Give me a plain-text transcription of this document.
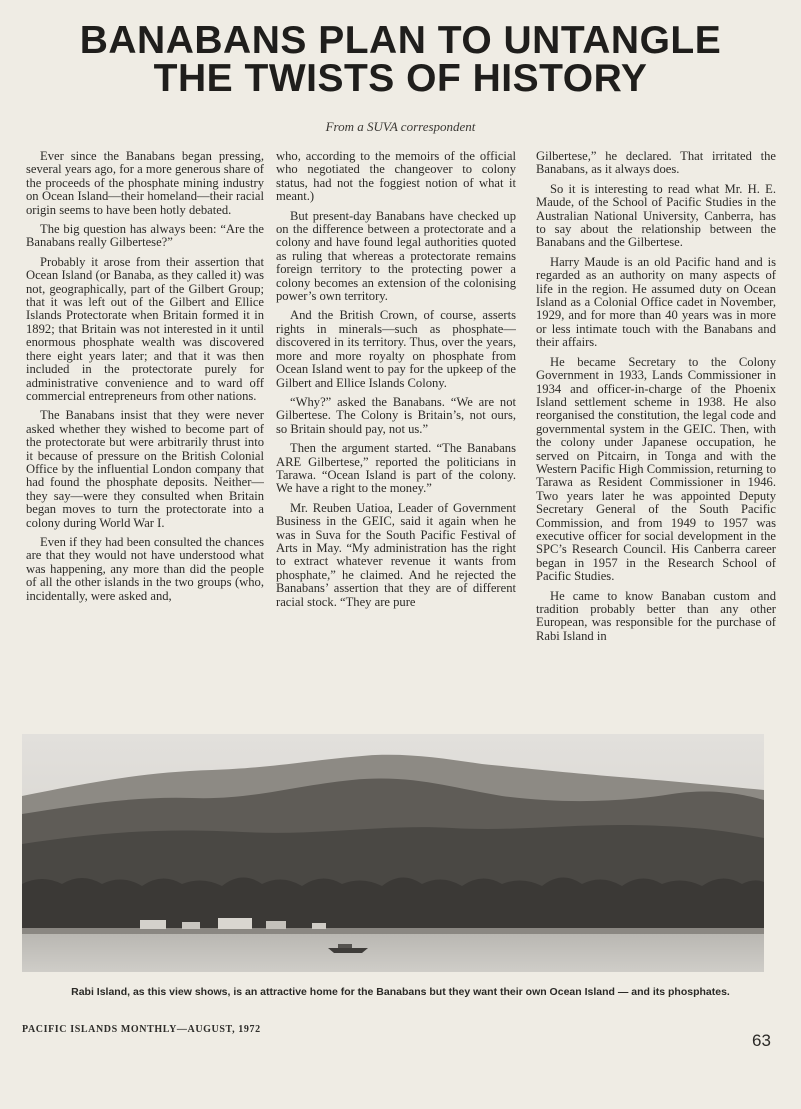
BANABANS PLAN TO UNTANGLE THE TWISTS OF HISTORY
From a SUVA correspondent

Ever since the Banabans began pressing, several years ago, for a more generous share of the proceeds of the phosphate mining industry on Ocean Island—their homeland—their racial origin seems to have been hotly debated.

The big question has always been: “Are the Banabans really Gilbertese?”

Probably it arose from their assertion that Ocean Island (or Banaba, as they called it) was not, geographically, part of the Gilbert Group; that it was left out of the Gilbert and Ellice Islands Protectorate when Britain formed it in 1892; that Britain was not interested in it until enormous phosphate wealth was discovered there eight years later; and that it was then included in the protectorate purely for administrative convenience and to ward off commercial entrepreneurs from other nations.

The Banabans insist that they were never asked whether they wished to become part of the protectorate but were arbitrarily thrust into it because of pressure on the British Colonial Office by the influential London company that had found the phosphate deposits. Neither—they say—were they consulted when Britain began moves to turn the protectorate into a colony during World War I.

Even if they had been consulted the chances are that they would not have understood what was happening, any more than did the people of all the other islands in the two groups (who, incidentally, were asked and,

who, according to the memoirs of the official who negotiated the changeover to colony status, had not the foggiest notion of what it meant.)

But present-day Banabans have checked up on the difference between a protectorate and a colony and have found legal authorities quoted as ruling that whereas a protectorate remains foreign territory to the protecting power a colony becomes an extension of the colonising power’s own territory.

And the British Crown, of course, asserts rights in minerals—such as phosphate—discovered in its territory. Thus, over the years, more and more royalty on phosphate from Ocean Island went to pay for the upkeep of the Gilbert and Ellice Islands Colony.

“Why?” asked the Banabans. “We are not Gilbertese. The Colony is Britain’s, not ours, so Britain should pay, not us.”

Then the argument started. “The Banabans ARE Gilbertese,” reported the politicians in Tarawa. “Ocean Island is part of the colony. We have a right to the money.”

Mr. Reuben Uatioa, Leader of Government Business in the GEIC, said it again when he was in Suva for the South Pacific Festival of Arts in May. “My administration has the right to extract whatever revenue it wants from phosphate,” he claimed. And he rejected the Banabans’ assertion that they are of different racial stock. “They are pure

Gilbertese,” he declared. That irritated the Banabans, as it always does.

So it is interesting to read what Mr. H. E. Maude, of the School of Pacific Studies in the Australian National University, Canberra, has to say about the relationship between the Banabans and the Gilbertese.

Harry Maude is an old Pacific hand and is regarded as an authority on many aspects of life in the region. He assumed duty on Ocean Island as a Colonial Office cadet in November, 1929, and for more than 40 years was in more or less intimate touch with the Banabans and their affairs.

He became Secretary to the Colony Government in 1933, Lands Commissioner in 1934 and officer-in-charge of the Phoenix Island settlement scheme in 1938. He also reorganised the constitution, the legal code and governmental system in the GEIC. Then, with the colony under Japanese occupation, he served on Pitcairn, in Tonga and with the Western Pacific High Commission, returning to Tarawa as Resident Commissioner in 1946. Two years later he was appointed Deputy Secretary General of the South Pacific Commission, and from 1949 to 1957 was executive officer for social development in the SPC’s Research Council. His Canberra career began in 1957 in the Research School of Pacific Studies.

He came to know Banaban custom and tradition probably better than any other European, was responsible for the purchase of Rabi Island in

Rabi Island, as this view shows, is an attractive home for the Banabans but they want their own Ocean Island — and its phosphates.

PACIFIC ISLANDS MONTHLY—AUGUST, 1972
63
